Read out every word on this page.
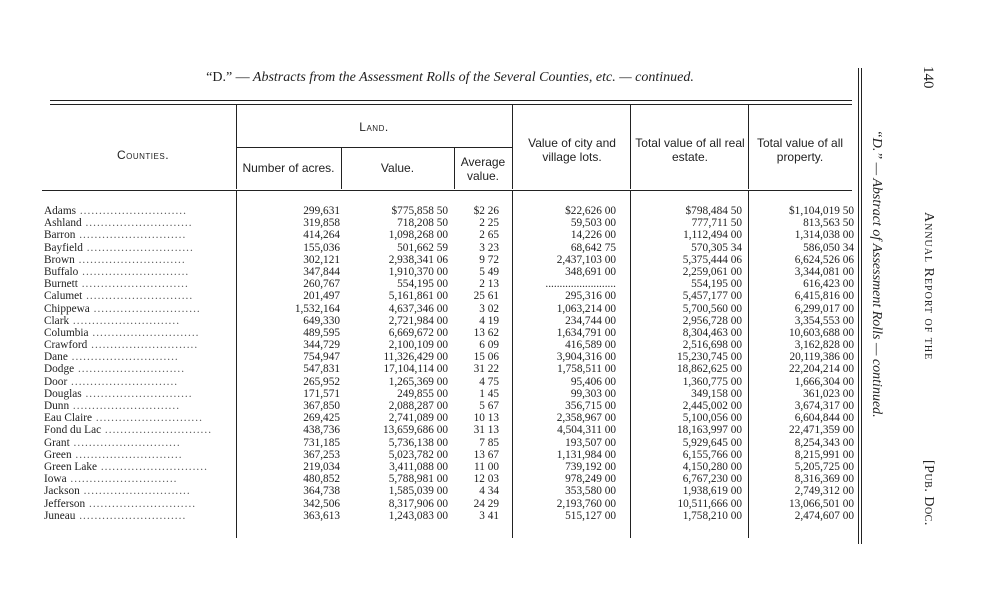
“D.” — Abstracts from the Assessment Rolls of the Several Counties, etc. — continued.
Counties.
Land.
Number of acres.	Value.	Average value.
Value of city and village lots.
Total value of all real estate.
Total value of all property.
Adams ............................	299,631	$775,858 50	$2 26	$22,626 00	$798,484 50	$1,104,019 50
Ashland ............................	319,858	718,208 50	2 25	59,503 00	777,711 50	813,563 50
Barron ............................	414,264	1,098,268 00	2 65	14,226 00	1,112,494 00	1,314,038 00
Bayfield ............................	155,036	501,662 59	3 23	68,642 75	570,305 34	586,050 34
Brown ............................	302,121	2,938,341 06	9 72	2,437,103 00	5,375,444 06	6,624,526 06
Buffalo ............................	347,844	1,910,370 00	5 49	348,691 00	2,259,061 00	3,344,081 00
Burnett ............................	260,767	554,195 00	2 13	.........................	554,195 00	616,423 00
Calumet ............................	201,497	5,161,861 00	25 61	295,316 00	5,457,177 00	6,415,816 00
Chippewa ............................	1,532,164	4,637,346 00	3 02	1,063,214 00	5,700,560 00	6,299,017 00
Clark ............................	649,330	2,721,984 00	4 19	234,744 00	2,956,728 00	3,354,553 00
Columbia ............................	489,595	6,669,672 00	13 62	1,634,791 00	8,304,463 00	10,603,688 00
Crawford ............................	344,729	2,100,109 00	6 09	416,589 00	2,516,698 00	3,162,828 00
Dane ............................	754,947	11,326,429 00	15 06	3,904,316 00	15,230,745 00	20,119,386 00
Dodge ............................	547,831	17,104,114 00	31 22	1,758,511 00	18,862,625 00	22,204,214 00
Door ............................	265,952	1,265,369 00	4 75	95,406 00	1,360,775 00	1,666,304 00
Douglas ............................	171,571	249,855 00	1 45	99,303 00	349,158 00	361,023 00
Dunn ............................	367,850	2,088,287 00	5 67	356,715 00	2,445,002 00	3,674,317 00
Eau Claire ............................	269,425	2,741,089 00	10 13	2,358,967 00	5,100,056 00	6,604,844 00
Fond du Lac ............................	438,736	13,659,686 00	31 13	4,504,311 00	18,163,997 00	22,471,359 00
Grant ............................	731,185	5,736,138 00	7 85	193,507 00	5,929,645 00	8,254,343 00
Green ............................	367,253	5,023,782 00	13 67	1,131,984 00	6,155,766 00	8,215,991 00
Green Lake ............................	219,034	3,411,088 00	11 00	739,192 00	4,150,280 00	5,205,725 00
Iowa ............................	480,852	5,788,981 00	12 03	978,249 00	6,767,230 00	8,316,369 00
Jackson ............................	364,738	1,585,039 00	4 34	353,580 00	1,938,619 00	2,749,312 00
Jefferson ............................	342,506	8,317,906 00	24 29	2,193,760 00	10,511,666 00	13,066,501 00
Juneau ............................	363,613	1,243,083 00	3 41	515,127 00	1,758,210 00	2,474,607 00
“D.” — Abstract of Assessment Rolls — continued.
140
Annual Report of the
[Pub. Doc.
